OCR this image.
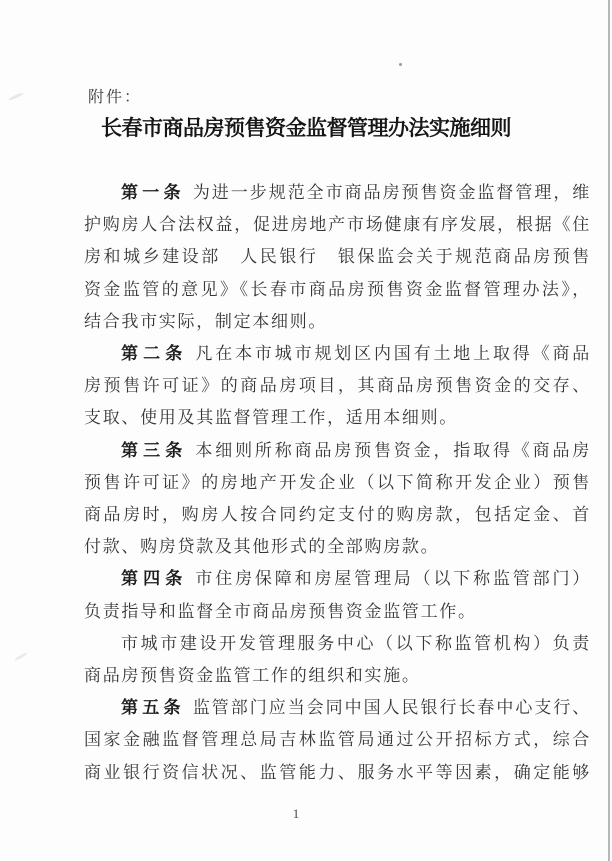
附件：
长春市商品房预售资金监督管理办法实施细则
第一条 为进一步规范全市商品房预售资金监督管理，维
护购房人合法权益，促进房地产市场健康有序发展，根据《住
房和城乡建设部　人民银行　银保监会关于规范商品房预售
资金监管的意见》《长春市商品房预售资金监督管理办法》，
结合我市实际，制定本细则。
第二条 凡在本市城市规划区内国有土地上取得《商品
房预售许可证》的商品房项目，其商品房预售资金的交存、
支取、使用及其监督管理工作，适用本细则。
第三条 本细则所称商品房预售资金，指取得《商品房
预售许可证》的房地产开发企业（以下简称开发企业）预售
商品房时，购房人按合同约定支付的购房款，包括定金、首
付款、购房贷款及其他形式的全部购房款。
第四条 市住房保障和房屋管理局（以下称监管部门）
负责指导和监督全市商品房预售资金监管工作。
市城市建设开发管理服务中心（以下称监管机构）负责
商品房预售资金监管工作的组织和实施。
第五条 监管部门应当会同中国人民银行长春中心支行、
国家金融监督管理总局吉林监管局通过公开招标方式，综合
商业银行资信状况、监管能力、服务水平等因素，确定能够
1
